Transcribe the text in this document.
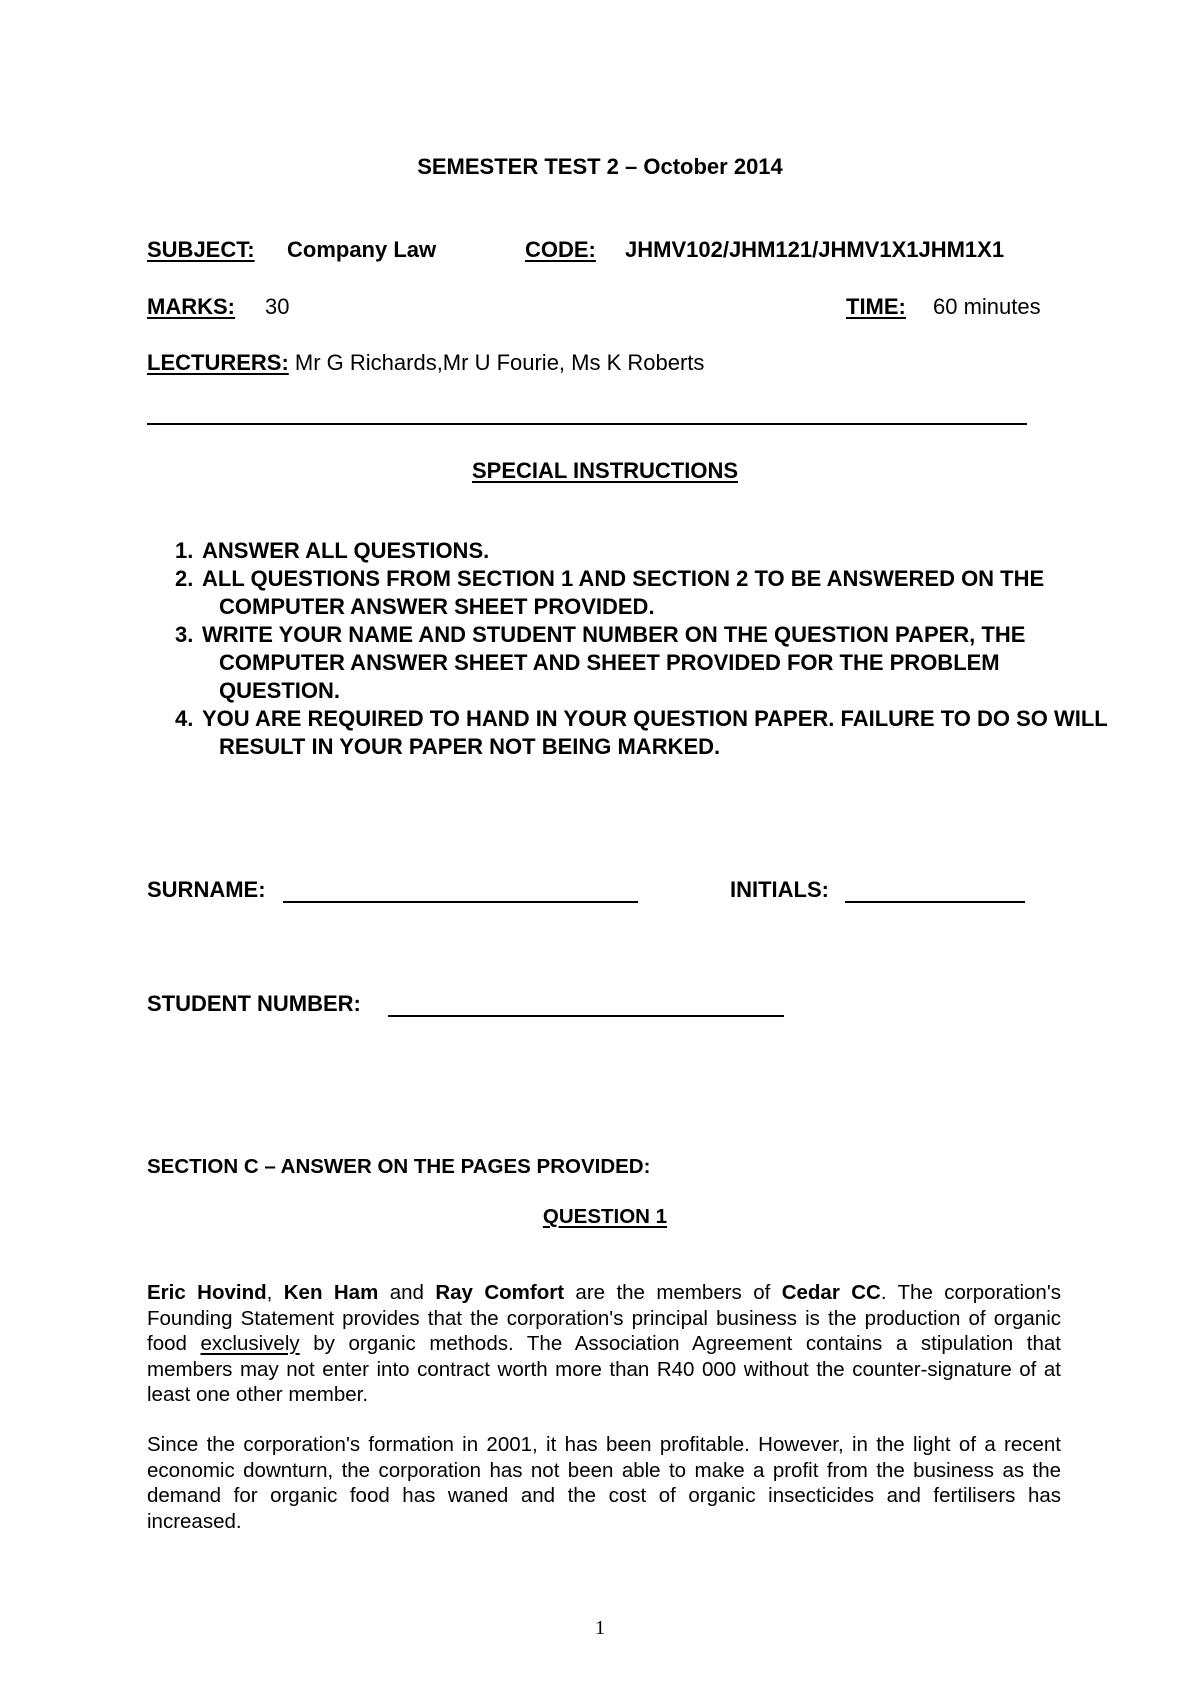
SEMESTER TEST 2 – October 2014
SUBJECT: Company Law	CODE: JHMV102/JHM121/JHMV1X1JHM1X1
MARKS: 30	TIME: 60 minutes
LECTURERS: Mr G Richards,Mr U Fourie, Ms K Roberts
SPECIAL INSTRUCTIONS
1. ANSWER ALL QUESTIONS.
2. ALL QUESTIONS FROM SECTION 1 AND SECTION 2 TO BE ANSWERED ON THE COMPUTER ANSWER SHEET PROVIDED.
3. WRITE YOUR NAME AND STUDENT NUMBER ON THE QUESTION PAPER, THE COMPUTER ANSWER SHEET AND SHEET PROVIDED FOR THE PROBLEM QUESTION.
4. YOU ARE REQUIRED TO HAND IN YOUR QUESTION PAPER. FAILURE TO DO SO WILL RESULT IN YOUR PAPER NOT BEING MARKED.
SURNAME:	INITIALS:
STUDENT NUMBER:
SECTION C – ANSWER ON THE PAGES PROVIDED:
QUESTION 1
Eric Hovind, Ken Ham and Ray Comfort are the members of Cedar CC. The corporation's Founding Statement provides that the corporation's principal business is the production of organic food exclusively by organic methods. The Association Agreement contains a stipulation that members may not enter into contract worth more than R40 000 without the counter-signature of at least one other member.
Since the corporation's formation in 2001, it has been profitable. However, in the light of a recent economic downturn, the corporation has not been able to make a profit from the business as the demand for organic food has waned and the cost of organic insecticides and fertilisers has increased.
1
